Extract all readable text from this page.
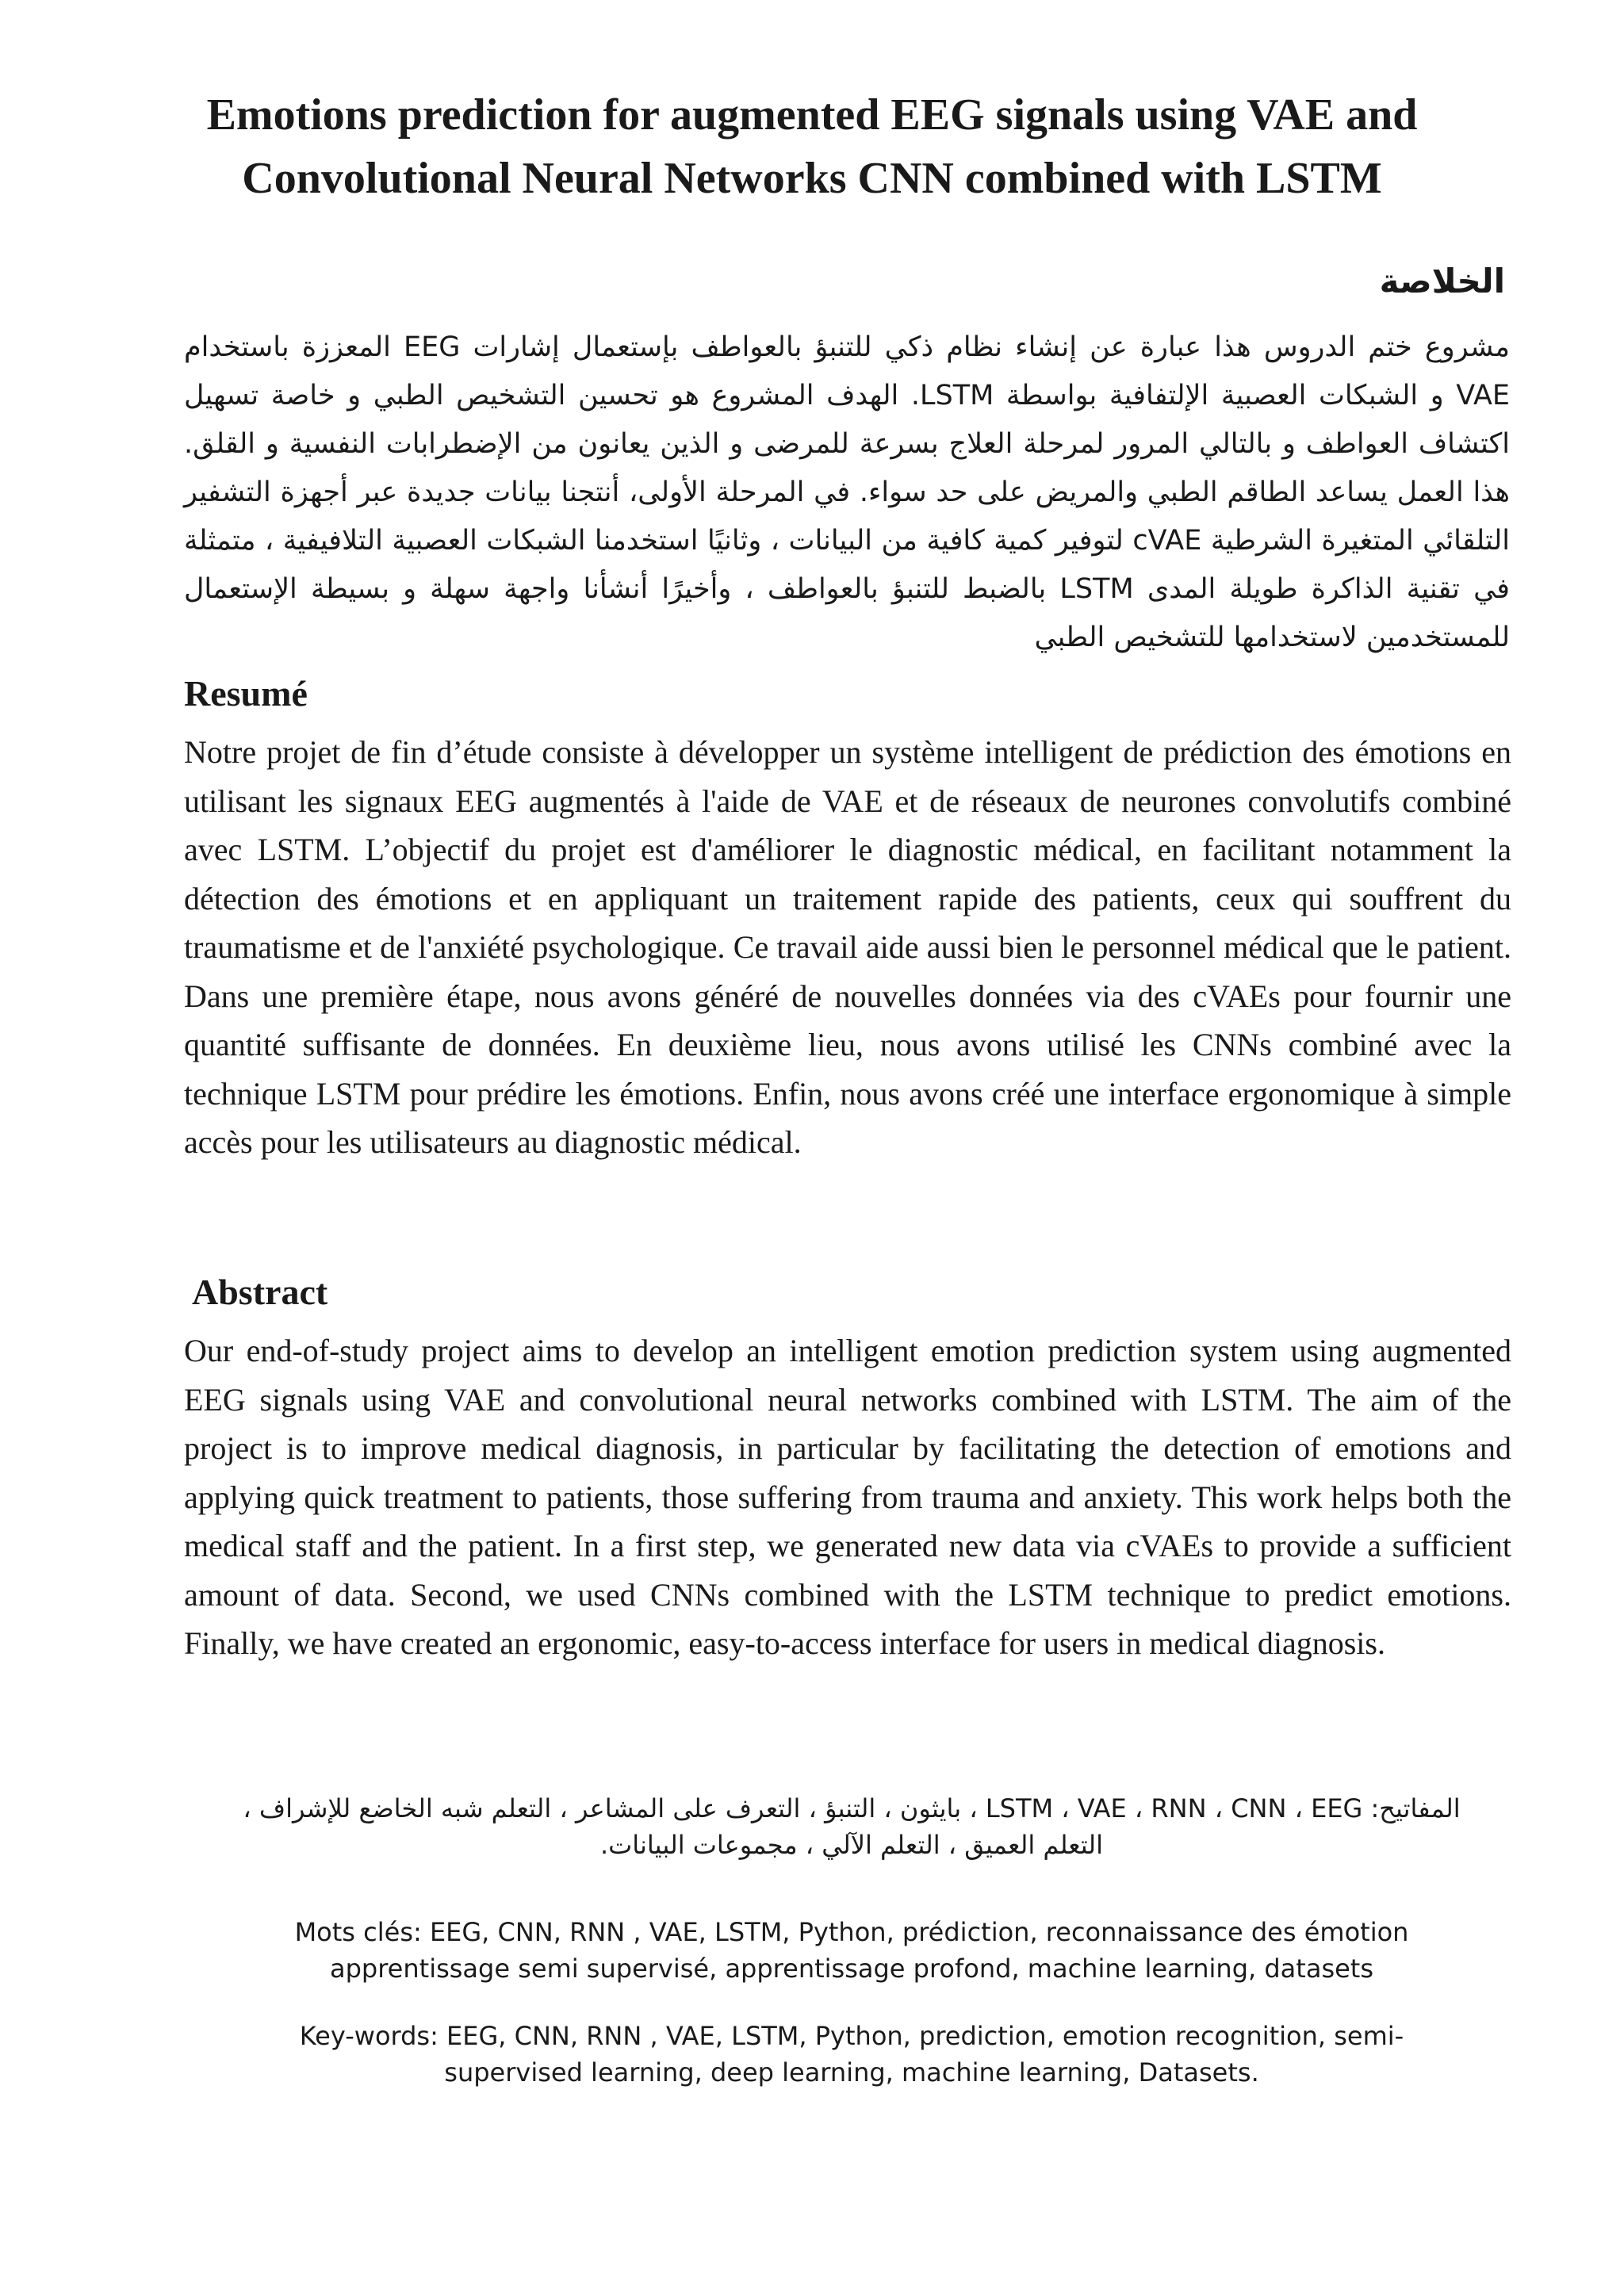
Emotions prediction for augmented EEG signals using VAE and Convolutional Neural Networks CNN combined with LSTM
الخلاصة

مشروع ختم الدروس هذا عبارة عن إنشاء نظام ذكي للتنبؤ بالعواطف بإستعمال إشارات EEG المعززة باستخدام VAE و الشبكات العصبية الإلتفافية بواسطة LSTM. الهدف المشروع هو تحسين التشخيص الطبي و خاصة تسهيل اكتشاف العواطف و بالتالي المرور لمرحلة العلاج بسرعة للمرضى و الذين يعانون من الإضطرابات النفسية و القلق. هذا العمل يساعد الطاقم الطبي والمريض على حد سواء. في المرحلة الأولى، أنتجنا بيانات جديدة عبر أجهزة التشفير التلقائي المتغيرة الشرطية cVAE لتوفير كمية كافية من البيانات ، وثانيًا استخدمنا الشبكات العصبية التلافيفية ، متمثلة في تقنية الذاكرة طويلة المدى LSTM بالضبط للتنبؤ بالعواطف ، وأخيرًا أنشأنا واجهة سهلة و بسيطة الإستعمال للمستخدمين لاستخدامها للتشخيص الطبي

Resumé

Notre projet de fin d’étude consiste à développer un système intelligent de prédiction des émotions en utilisant les signaux EEG augmentés à l'aide de VAE et de réseaux de neurones convolutifs combiné avec LSTM. L’objectif du projet est d'améliorer le diagnostic médical, en facilitant notamment la détection des émotions et en appliquant un traitement rapide des patients, ceux qui souffrent du traumatisme et de l'anxiété psychologique. Ce travail aide aussi bien le personnel médical que le patient. Dans une première étape, nous avons généré de nouvelles données via des cVAEs pour fournir une quantité suffisante de données. En deuxième lieu, nous avons utilisé les CNNs combiné avec la technique LSTM pour prédire les émotions. Enfin, nous avons créé une interface ergonomique à simple accès pour les utilisateurs au diagnostic médical.

Abstract

Our end-of-study project aims to develop an intelligent emotion prediction system using augmented EEG signals using VAE and convolutional neural networks combined with LSTM. The aim of the project is to improve medical diagnosis, in particular by facilitating the detection of emotions and applying quick treatment to patients, those suffering from trauma and anxiety. This work helps both the medical staff and the patient. In a first step, we generated new data via cVAEs to provide a sufficient amount of data. Second, we used CNNs combined with the LSTM technique to predict emotions. Finally, we have created an ergonomic, easy-to-access interface for users in medical diagnosis.

المفاتيح: LSTM ، VAE ، RNN ، CNN ، EEG ، بايثون ، التنبؤ ، التعرف على المشاعر ، التعلم شبه الخاضع للإشراف ، التعلم العميق ، التعلم الآلي ، مجموعات البيانات.

Mots clés: EEG, CNN, RNN , VAE, LSTM, Python, prédiction, reconnaissance des émotion apprentissage semi supervisé, apprentissage profond, machine learning, datasets

Key-words: EEG, CNN, RNN , VAE, LSTM, Python, prediction, emotion recognition, semi-supervised learning, deep learning, machine learning, Datasets.
